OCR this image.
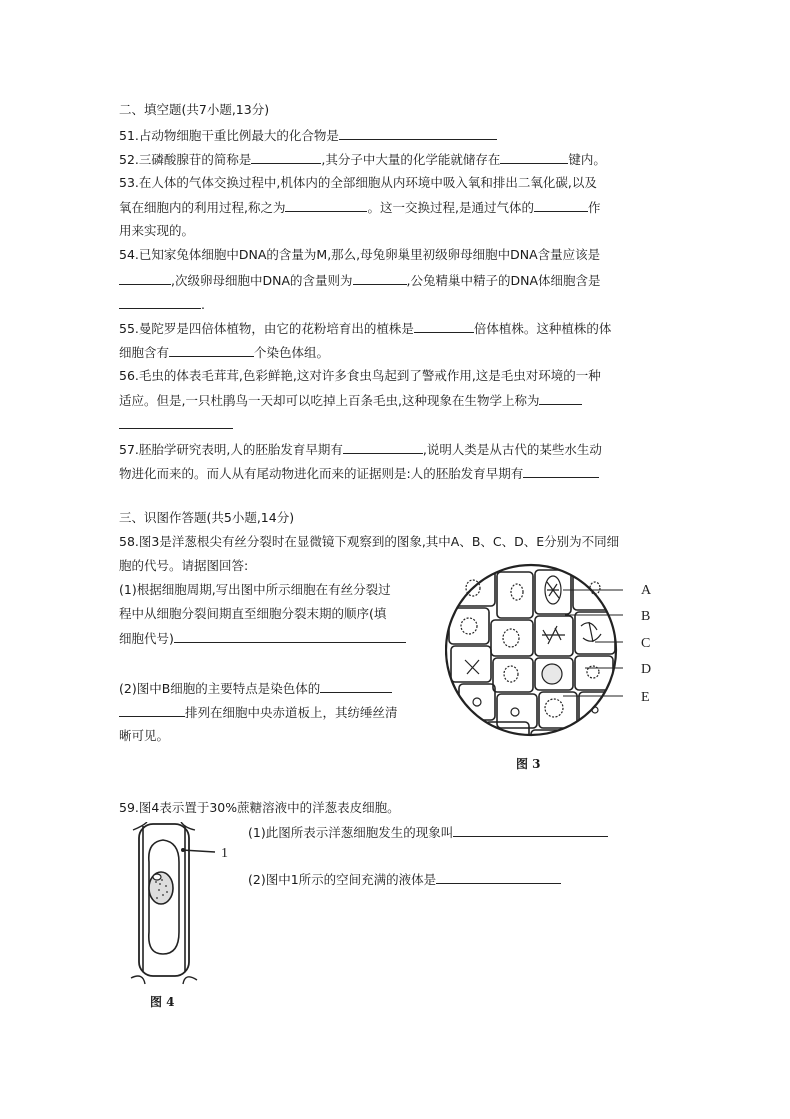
二、填空题(共7小题,13分)
51.占动物细胞干重比例最大的化合物是
52.三磷酸腺苷的简称是	,其分子中大量的化学能就储存在	键内。
53.在人体的气体交换过程中,机体内的全部细胞从内环境中吸入氧和排出二氧化碳,以及
氧在细胞内的利用过程,称之为	。这一交换过程,是通过气体的	作
用来实现的。
54.已知家兔体细胞中DNA的含量为M,那么,母兔卵巢里初级卵母细胞中DNA含量应该是
,次级卵母细胞中DNA的含量则为	,公兔精巢中精子的DNA体细胞含是
.
55.曼陀罗是四倍体植物，由它的花粉培育出的植株是	倍体植株。这种植株的体
细胞含有	个染色体组。
56.毛虫的体表毛茸茸,色彩鲜艳,这对许多食虫鸟起到了警戒作用,这是毛虫对环境的一种
适应。但是,一只杜鹃鸟一天却可以吃掉上百条毛虫,这种现象在生物学上称为
57.胚胎学研究表明,人的胚胎发育早期有	,说明人类是从古代的某些水生动
物进化而来的。而人从有尾动物进化而来的证据则是:人的胚胎发育早期有
三、识图作答题(共5小题,14分)
58.图3是洋葱根尖有丝分裂时在显微镜下观察到的图象,其中A、B、C、D、E分别为不同细
胞的代号。请据图回答:
(1)根据细胞周期,写出图中所示细胞在有丝分裂过
程中从细胞分裂间期直至细胞分裂末期的顺序(填
细胞代号)
(2)图中B细胞的主要特点是染色体的
排列在细胞中央赤道板上，其纺缍丝清
晰可见。
A
B
C
D
E
图 3
59.图4表示置于30%蔗糖溶液中的洋葱表皮细胞。
(1)此图所表示洋葱细胞发生的现象叫
(2)图中1所示的空间充满的液体是
1
图 4
